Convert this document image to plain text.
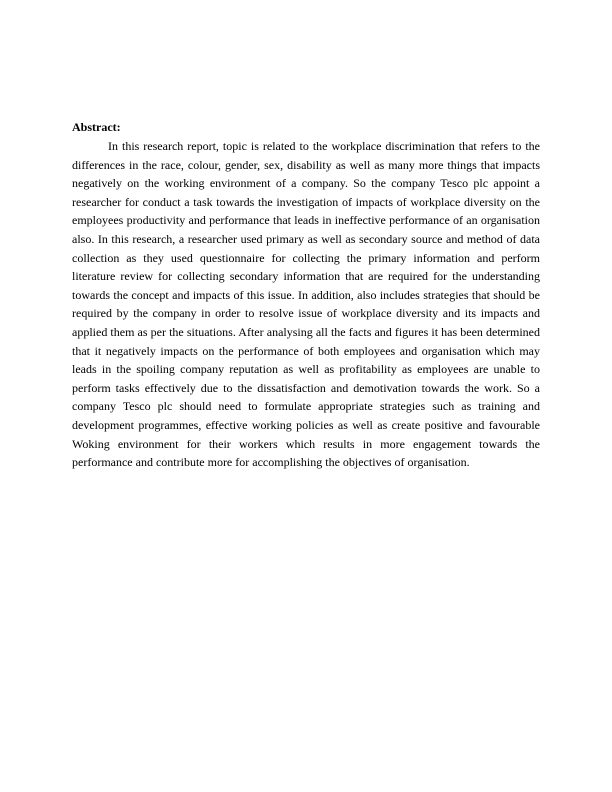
Abstract:

In this research report, topic is related to the workplace discrimination that refers to the differences in the race, colour, gender, sex, disability as well as many more things that impacts negatively on the working environment of a company. So the company Tesco plc appoint a researcher for conduct a task towards the investigation of impacts of workplace diversity on the employees productivity and performance that leads in ineffective performance of an organisation also. In this research, a researcher used primary as well as secondary source and method of data collection as they used questionnaire for collecting the primary information and perform literature review for collecting secondary information that are required for the understanding towards the concept and impacts of this issue. In addition, also includes strategies that should be required by the company in order to resolve issue of workplace diversity and its impacts and applied them as per the situations. After analysing all the facts and figures it has been determined that it negatively impacts on the performance of both employees and organisation which may leads in the spoiling company reputation as well as profitability as employees are unable to perform tasks effectively due to the dissatisfaction and demotivation towards the work. So a company Tesco plc should need to formulate appropriate strategies such as training and development programmes, effective working policies as well as create positive and favourable Woking environment for their workers which results in more engagement towards the performance and contribute more for accomplishing the objectives of organisation.
